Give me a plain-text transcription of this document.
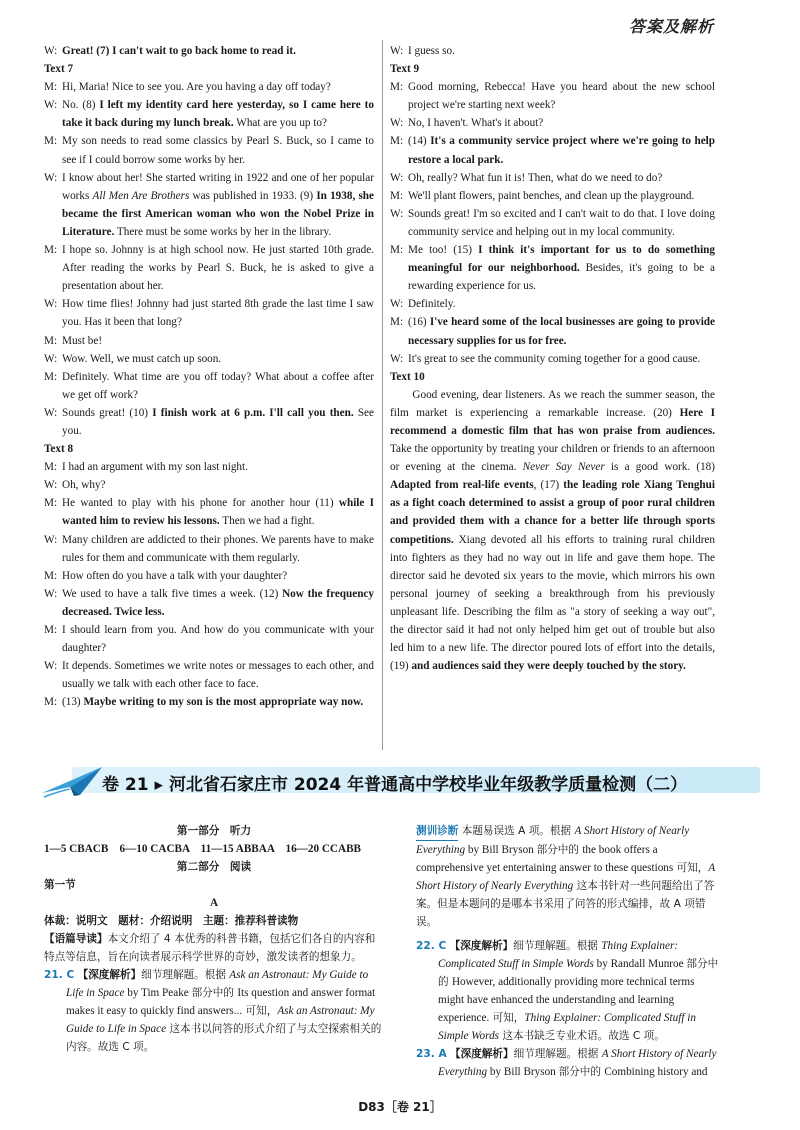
答案及解析
W: Great! (7) I can't wait to go back home to read it.
Text 7
M: Hi, Maria! Nice to see you. Are you having a day off today?
W: No. (8) I left my identity card here yesterday, so I came here to take it back during my lunch break. What are you up to?
M: My son needs to read some classics by Pearl S. Buck, so I came to see if I could borrow some works by her.
W: I know about her! She started writing in 1922 and one of her popular works All Men Are Brothers was published in 1933. (9) In 1938, she became the first American woman who won the Nobel Prize in Literature. There must be some works by her in the library.
M: I hope so. Johnny is at high school now. He just started 10th grade. After reading the works by Pearl S. Buck, he is asked to give a presentation about her.
W: How time flies! Johnny had just started 8th grade the last time I saw you. Has it been that long?
M: Must be!
W: Wow. Well, we must catch up soon.
M: Definitely. What time are you off today? What about a coffee after we get off work?
W: Sounds great! (10) I finish work at 6 p.m. I'll call you then. See you.
Text 8
M: I had an argument with my son last night.
W: Oh, why?
M: He wanted to play with his phone for another hour (11) while I wanted him to review his lessons. Then we had a fight.
W: Many children are addicted to their phones. We parents have to make rules for them and communicate with them regularly.
M: How often do you have a talk with your daughter?
W: We used to have a talk five times a week. (12) Now the frequency decreased. Twice less.
M: I should learn from you. And how do you communicate with your daughter?
W: It depends. Sometimes we write notes or messages to each other, and usually we talk with each other face to face.
M: (13) Maybe writing to my son is the most appropriate way now.
W: I guess so.
Text 9
M: Good morning, Rebecca! Have you heard about the new school project we're starting next week?
W: No, I haven't. What's it about?
M: (14) It's a community service project where we're going to help restore a local park.
W: Oh, really? What fun it is! Then, what do we need to do?
M: We'll plant flowers, paint benches, and clean up the playground.
W: Sounds great! I'm so excited and I can't wait to do that. I love doing community service and helping out in my local community.
M: Me too! (15) I think it's important for us to do something meaningful for our neighborhood. Besides, it's going to be a rewarding experience for us.
W: Definitely.
M: (16) I've heard some of the local businesses are going to provide necessary supplies for us for free.
W: It's great to see the community coming together for a good cause.
Text 10
Good evening, dear listeners. As we reach the summer season, the film market is experiencing a remarkable increase. (20) Here I recommend a domestic film that has won praise from audiences. Take the opportunity by treating your children or friends to an afternoon or evening at the cinema. Never Say Never is a good work. (18) Adapted from real-life events, (17) the leading role Xiang Tenghui as a fight coach determined to assist a group of poor rural children and provided them with a chance for a better life through sports competitions. Xiang devoted all his efforts to training rural children into fighters as they had no way out in life and gave them hope. The director said he devoted six years to the movie, which mirrors his own personal journey of seeking a breakthrough from his previously unpleasant life. Describing the film as "a story of seeking a way out", the director said it had not only helped him get out of trouble but also led him to a new life. The director poured lots of effort into the details, (19) and audiences said they were deeply touched by the story.
卷 21 ▸ 河北省石家庄市 2024 年普通高中学校毕业年级教学质量检测（二）
第一部分　听力
1—5 CBACB　6—10 CACBA　11—15 ABBAA　16—20 CCABB
第二部分　阅读
第一节
A
体裁：说明文　题材：介绍说明　主题：推荐科普读物
【语篇导读】本文介绍了 4 本优秀的科普书籍，包括它们各自的内容和特点等信息，旨在向读者展示科学世界的奇妙，激发读者的想象力。
21. C 【深度解析】细节理解题。根据 Ask an Astronaut: My Guide to Life in Space by Tim Peake 部分中的 Its question and answer format makes it easy to quickly find answers... 可知，Ask an Astronaut: My Guide to Life in Space 这本书以问答的形式介绍了与太空探索相关的内容。故选 C 项。
测训诊断 本题易误选 A 项。根据 A Short History of Nearly Everything by Bill Bryson 部分中的 the book offers a comprehensive yet entertaining answer to these questions 可知，A Short History of Nearly Everything 这本书针对一些问题给出了答案。但是本题问的是哪本书采用了问答的形式编排，故 A 项错误。
22. C 【深度解析】细节理解题。根据 Thing Explainer: Complicated Stuff in Simple Words by Randall Munroe 部分中的 However, additionally providing more technical terms might have enhanced the understanding and learning experience. 可知，Thing Explainer: Complicated Stuff in Simple Words 这本书缺乏专业术语。故选 C 项。
23. A 【深度解析】细节理解题。根据 A Short History of Nearly Everything by Bill Bryson 部分中的 Combining history and
D83［卷 21］
